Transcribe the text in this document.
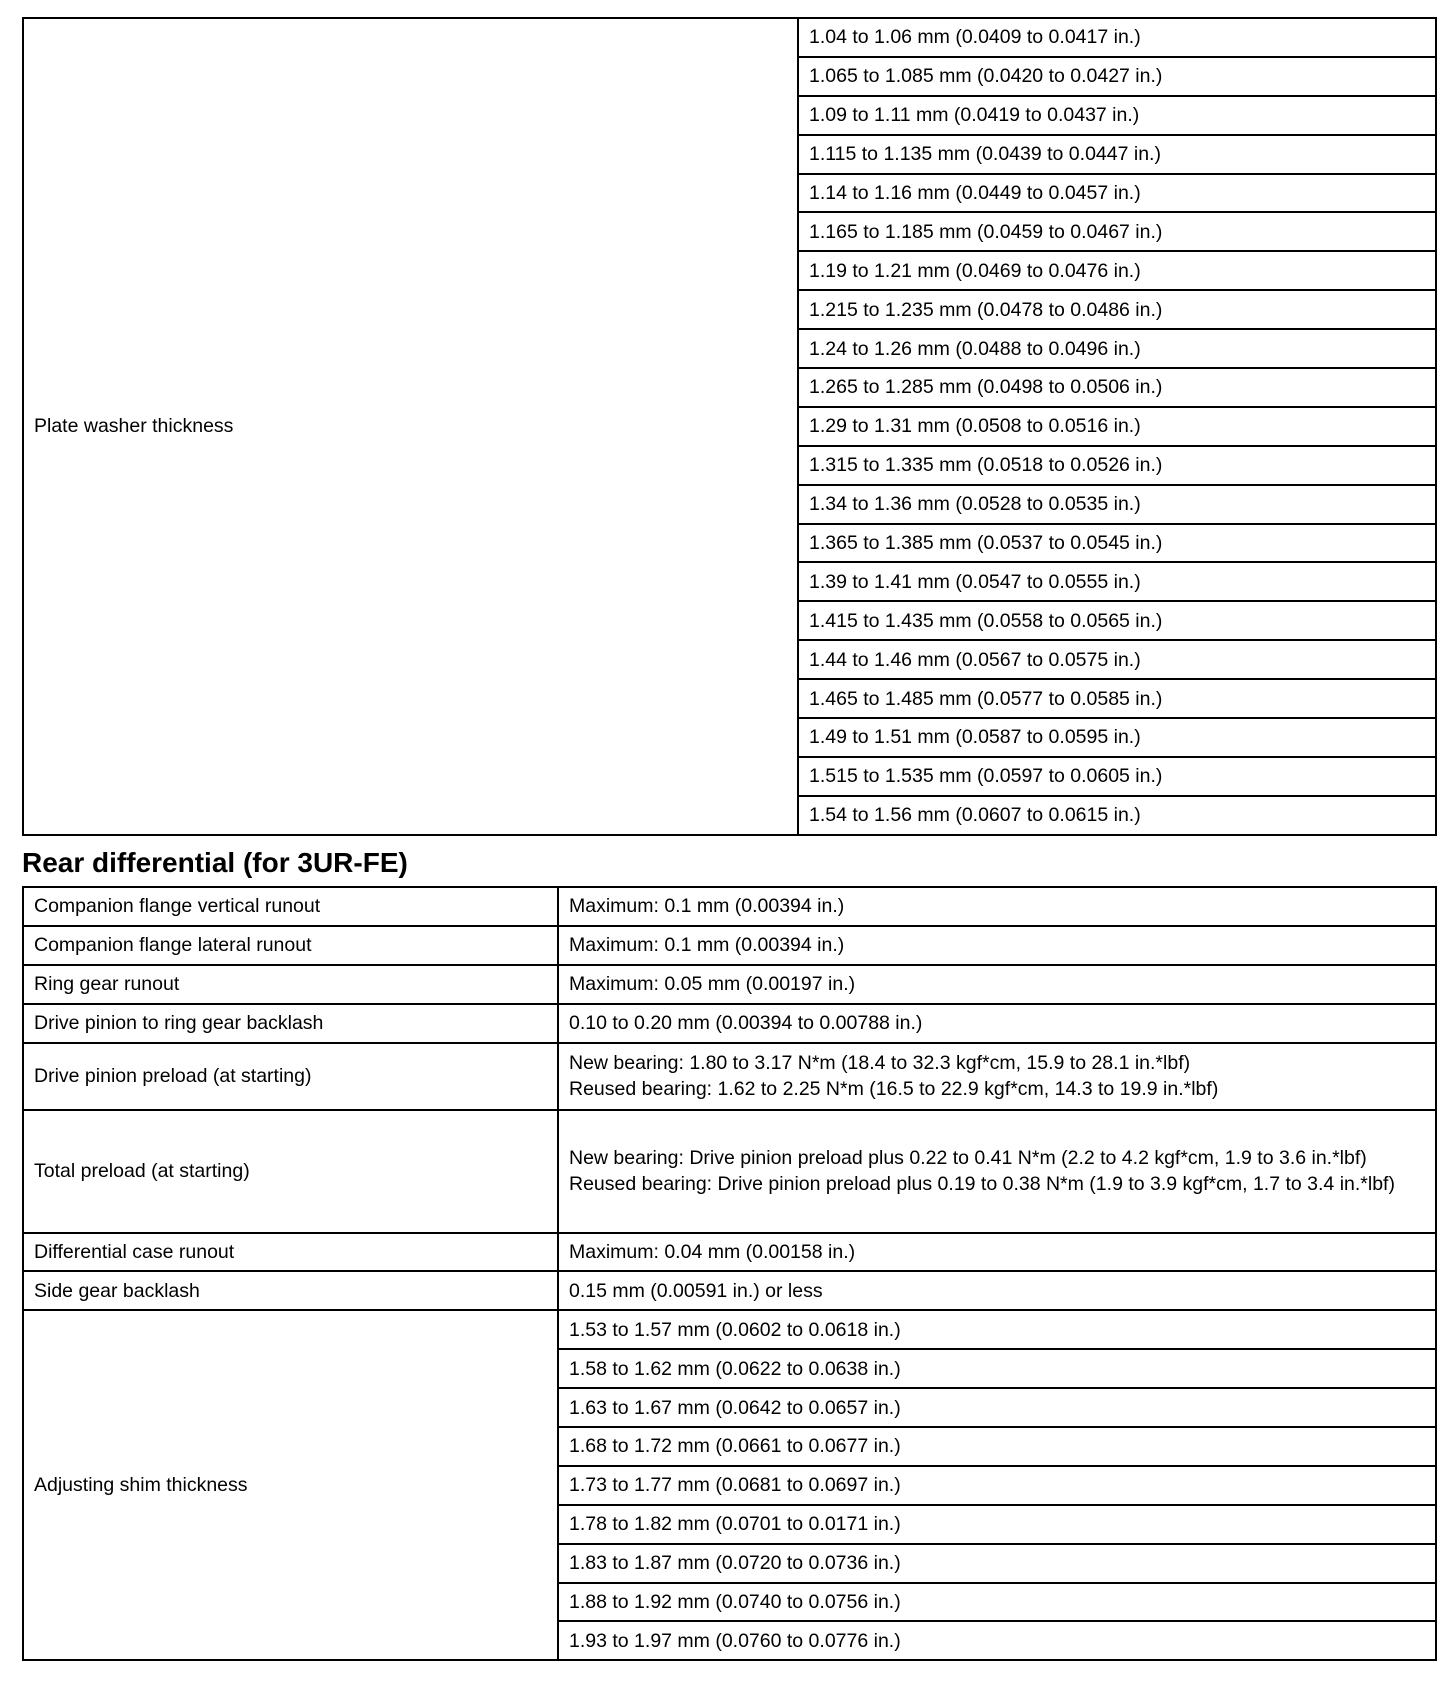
Plate washer thickness	1.04 to 1.06 mm (0.0409 to 0.0417 in.)
1.065 to 1.085 mm (0.0420 to 0.0427 in.)
1.09 to 1.11 mm (0.0419 to 0.0437 in.)
1.115 to 1.135 mm (0.0439 to 0.0447 in.)
1.14 to 1.16 mm (0.0449 to 0.0457 in.)
1.165 to 1.185 mm (0.0459 to 0.0467 in.)
1.19 to 1.21 mm (0.0469 to 0.0476 in.)
1.215 to 1.235 mm (0.0478 to 0.0486 in.)
1.24 to 1.26 mm (0.0488 to 0.0496 in.)
1.265 to 1.285 mm (0.0498 to 0.0506 in.)
1.29 to 1.31 mm (0.0508 to 0.0516 in.)
1.315 to 1.335 mm (0.0518 to 0.0526 in.)
1.34 to 1.36 mm (0.0528 to 0.0535 in.)
1.365 to 1.385 mm (0.0537 to 0.0545 in.)
1.39 to 1.41 mm (0.0547 to 0.0555 in.)
1.415 to 1.435 mm (0.0558 to 0.0565 in.)
1.44 to 1.46 mm (0.0567 to 0.0575 in.)
1.465 to 1.485 mm (0.0577 to 0.0585 in.)
1.49 to 1.51 mm (0.0587 to 0.0595 in.)
1.515 to 1.535 mm (0.0597 to 0.0605 in.)
1.54 to 1.56 mm (0.0607 to 0.0615 in.)
Rear differential (for 3UR-FE)
Companion flange vertical runout	Maximum: 0.1 mm (0.00394 in.)
Companion flange lateral runout	Maximum: 0.1 mm (0.00394 in.)
Ring gear runout	Maximum: 0.05 mm (0.00197 in.)
Drive pinion to ring gear backlash	0.10 to 0.20 mm (0.00394 to 0.00788 in.)
Drive pinion preload (at starting)	New bearing: 1.80 to 3.17 N*m (18.4 to 32.3 kgf*cm, 15.9 to 28.1 in.*lbf)
Reused bearing: 1.62 to 2.25 N*m (16.5 to 22.9 kgf*cm, 14.3 to 19.9 in.*lbf)

Total preload (at starting)	New bearing: Drive pinion preload plus 0.22 to 0.41 N*m (2.2 to 4.2 kgf*cm, 1.9 to 3.6 in.*lbf)
Reused bearing: Drive pinion preload plus 0.19 to 0.38 N*m (1.9 to 3.9 kgf*cm, 1.7 to 3.4 in.*lbf)

Differential case runout	Maximum: 0.04 mm (0.00158 in.)
Side gear backlash	0.15 mm (0.00591 in.) or less
Adjusting shim thickness	1.53 to 1.57 mm (0.0602 to 0.0618 in.)
	1.58 to 1.62 mm (0.0622 to 0.0638 in.)
	1.63 to 1.67 mm (0.0642 to 0.0657 in.)
	1.68 to 1.72 mm (0.0661 to 0.0677 in.)
	1.73 to 1.77 mm (0.0681 to 0.0697 in.)
	1.78 to 1.82 mm (0.0701 to 0.0171 in.)
	1.83 to 1.87 mm (0.0720 to 0.0736 in.)
	1.88 to 1.92 mm (0.0740 to 0.0756 in.)
	1.93 to 1.97 mm (0.0760 to 0.0776 in.)
